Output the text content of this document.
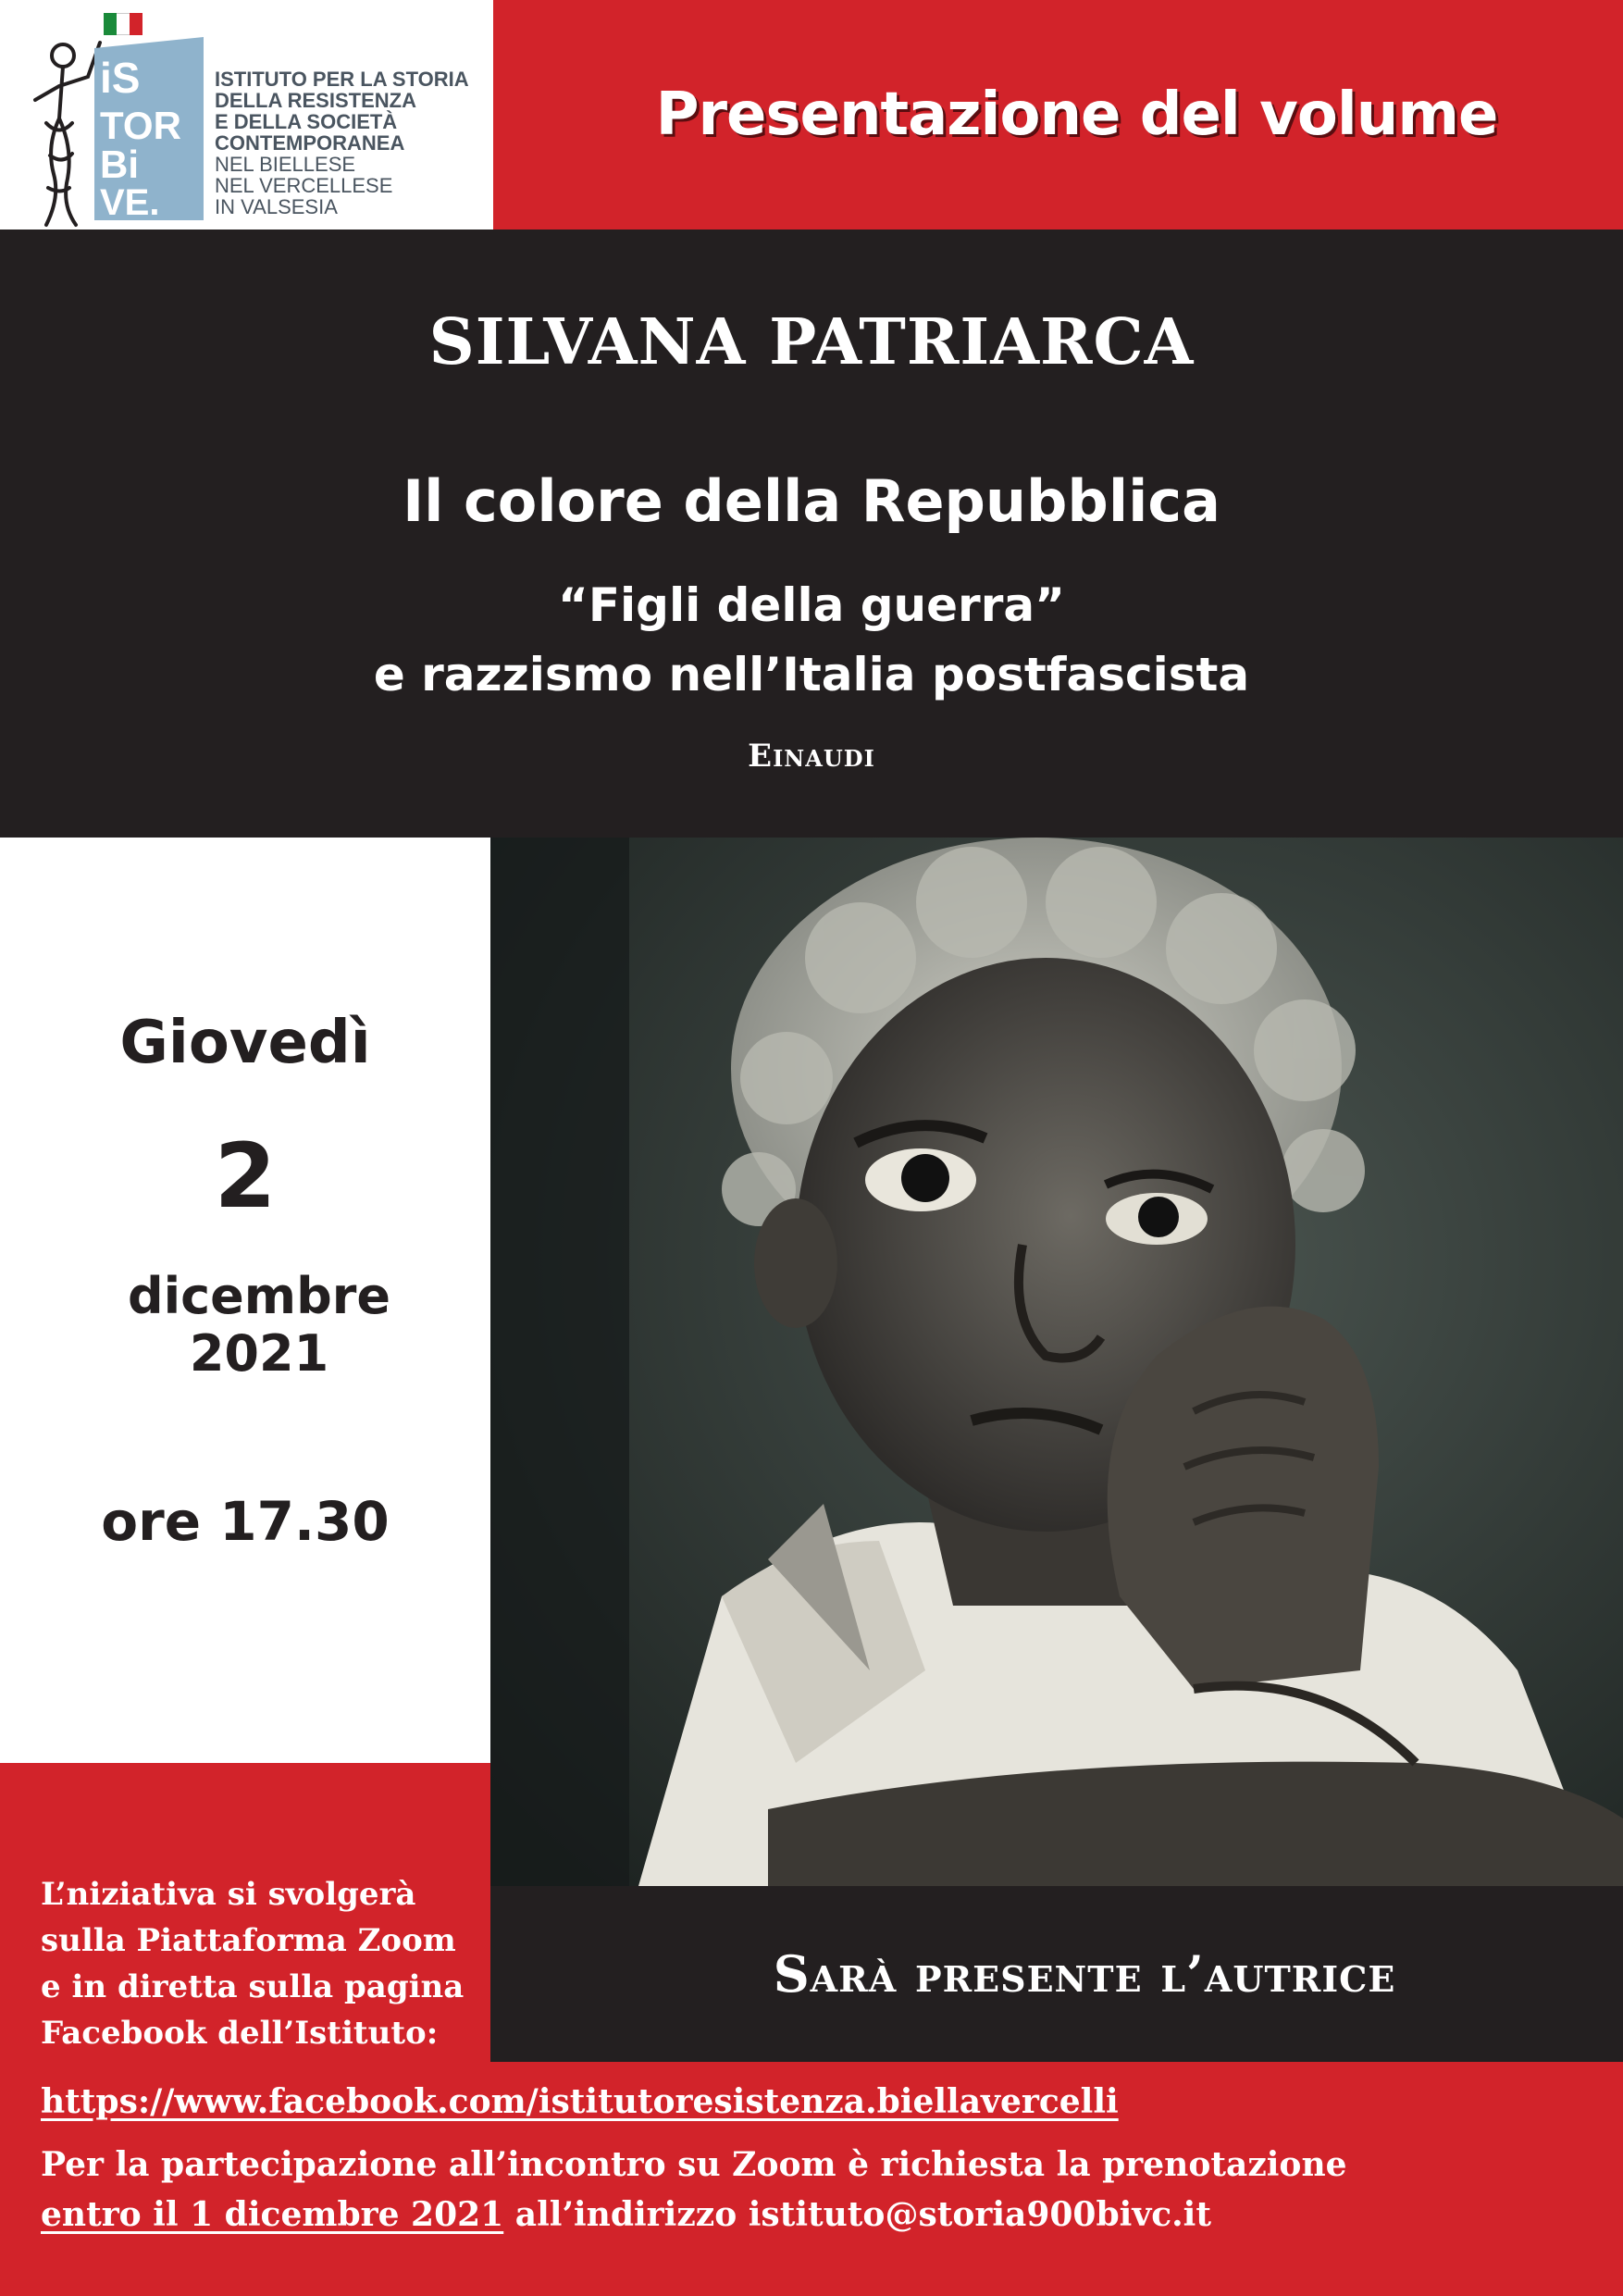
Presentazione del volume
iS
TOR
Bi
VE.
ISTITUTO PER LA STORIA
DELLA RESISTENZA
E DELLA SOCIETÀ
CONTEMPORANEA
NEL BIELLESE
NEL VERCELLESE
IN VALSESIA
SILVANA PATRIARCA
Il colore della Repubblica
“Figli della guerra”
e razzismo nell’Italia postfascista
Einaudi
Giovedì
2
dicembre
2021
ore 17.30
Sarà presente l’autrice
L’niziativa si svolgerà
sulla Piattaforma Zoom
e in diretta sulla pagina
Facebook dell’Istituto:
https://www.facebook.com/istitutoresistenza.biellavercelli
Per la partecipazione all’incontro su Zoom è richiesta la prenotazione
entro il 1 dicembre 2021 all’indirizzo istituto@storia900bivc.it
